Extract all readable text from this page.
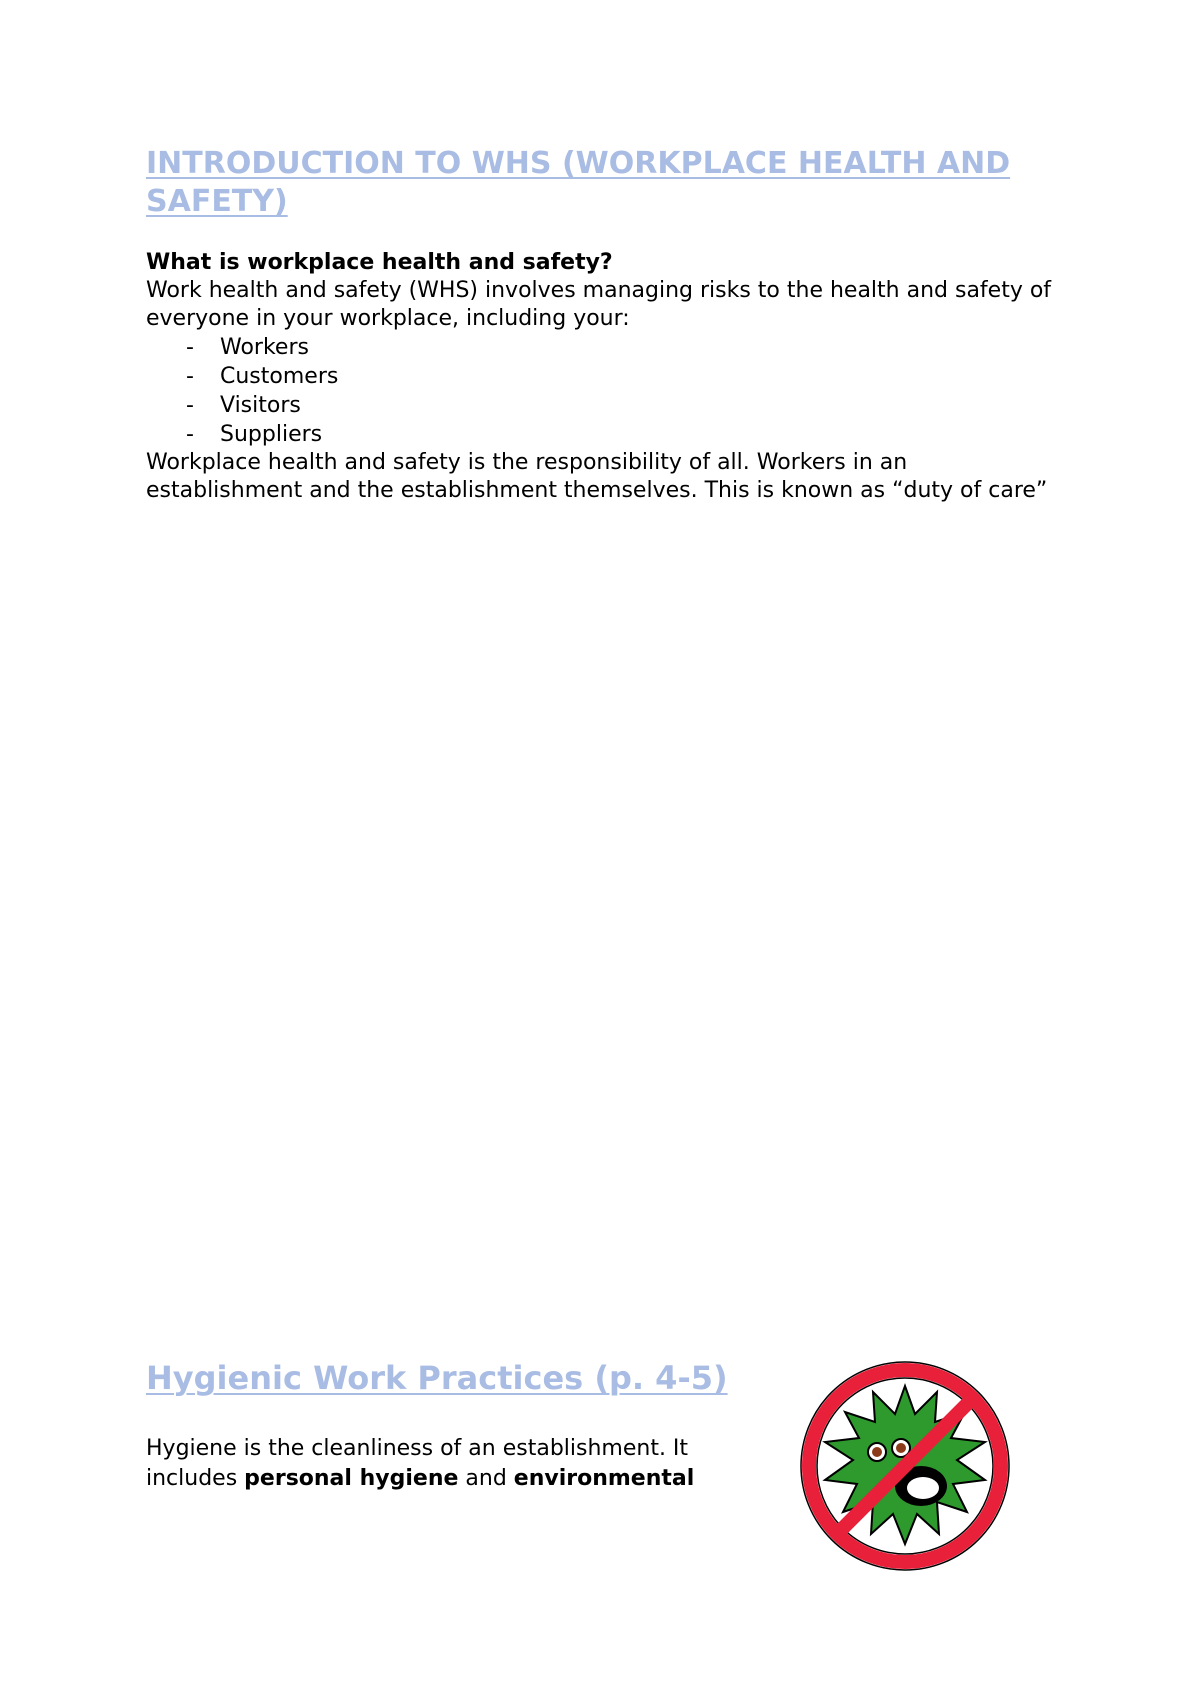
INTRODUCTION TO WHS (WORKPLACE HEALTH AND SAFETY)
What is workplace health and safety?

Work health and safety (WHS) involves managing risks to the health and safety of everyone in your workplace, including your:

-	Workers
-	Customers
-	Visitors
-	Suppliers

Workplace health and safety is the responsibility of all. Workers in an establishment and the establishment themselves. This is known as “duty of care”

Hygienic Work Practices (p. 4-5)
Hygiene is the cleanliness of an establishment. It includes personal hygiene and environmental
